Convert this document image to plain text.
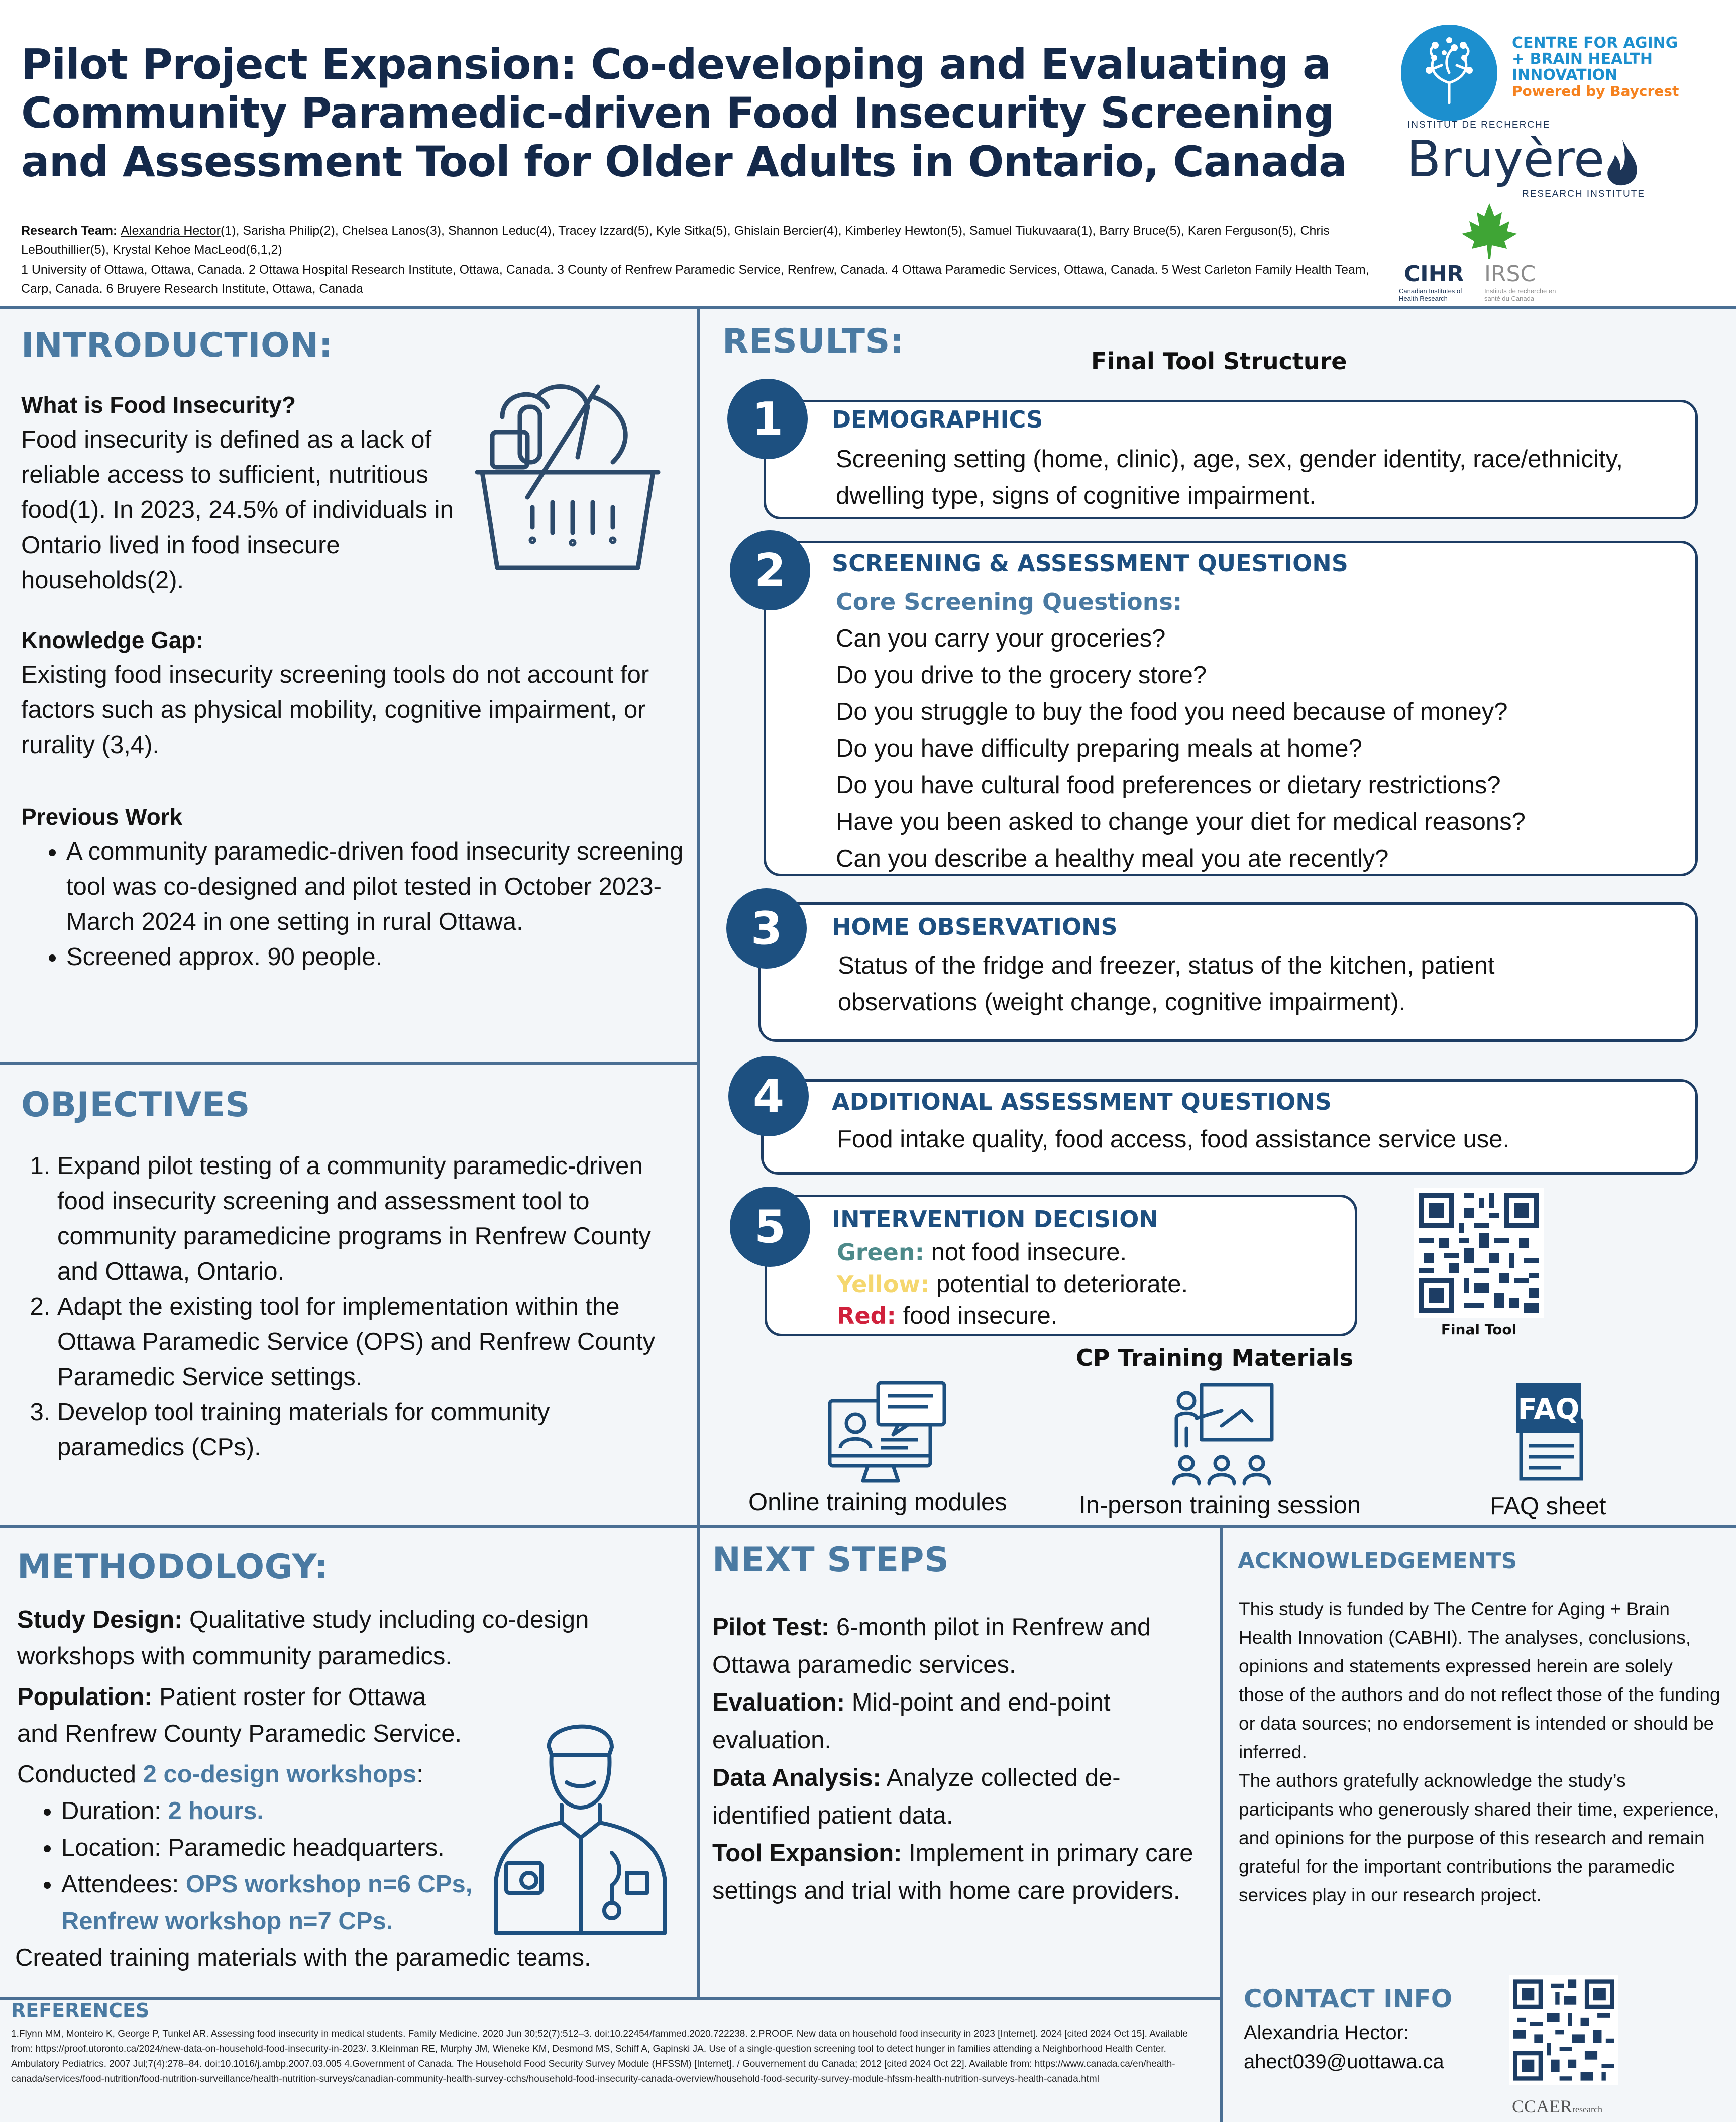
Pilot Project Expansion: Co-developing and Evaluating a Community Paramedic-driven Food Insecurity Screening and Assessment Tool for Older Adults in Ontario, Canada
Research Team: Alexandria Hector(1), Sarisha Philip(2), Chelsea Lanos(3), Shannon Leduc(4), Tracey Izzard(5), Kyle Sitka(5), Ghislain Bercier(4), Kimberley Hewton(5), Samuel Tiukuvaara(1), Barry Bruce(5), Karen Ferguson(5), Chris LeBouthillier(5), Krystal Kehoe MacLeod(6,1,2)
1 University of Ottawa, Ottawa, Canada. 2 Ottawa Hospital Research Institute, Ottawa, Canada. 3 County of Renfrew Paramedic Service, Renfrew, Canada. 4 Ottawa Paramedic Services, Ottawa, Canada. 5 West Carleton Family Health Team, Carp, Canada. 6 Bruyere Research Institute, Ottawa, Canada
CENTRE FOR AGING
+ BRAIN HEALTH
INNOVATION
Powered by Baycrest
INSTITUT DE RECHERCHE
Bruyère
RESEARCH INSTITUTE
CIHR IRSC
Canadian Institutes of Health Research
Instituts de recherche en santé du Canada
INTRODUCTION:
What is Food Insecurity?
Food insecurity is defined as a lack of reliable access to sufficient, nutritious food(1). In 2023, 24.5% of individuals in Ontario lived in food insecure households(2).
Knowledge Gap:
Existing food insecurity screening tools do not account for factors such as physical mobility, cognitive impairment, or rurality (3,4).
Previous Work
• A community paramedic-driven food insecurity screening tool was co-designed and pilot tested in October 2023-March 2024 in one setting in rural Ottawa.
• Screened approx. 90 people.
OBJECTIVES
1. Expand pilot testing of a community paramedic-driven food insecurity screening and assessment tool to community paramedicine programs in Renfrew County and Ottawa, Ontario.
2. Adapt the existing tool for implementation within the Ottawa Paramedic Service (OPS) and Renfrew County Paramedic Service settings.
3. Develop tool training materials for community paramedics (CPs).
RESULTS:	Final Tool Structure
1	DEMOGRAPHICS
Screening setting (home, clinic), age, sex, gender identity, race/ethnicity, dwelling type, signs of cognitive impairment.
2	SCREENING & ASSESSMENT QUESTIONS
Core Screening Questions:
Can you carry your groceries?
Do you drive to the grocery store?
Do you struggle to buy the food you need because of money?
Do you have difficulty preparing meals at home?
Do you have cultural food preferences or dietary restrictions?
Have you been asked to change your diet for medical reasons?
Can you describe a healthy meal you ate recently?
3	HOME OBSERVATIONS
Status of the fridge and freezer, status of the kitchen, patient observations (weight change, cognitive impairment).
4	ADDITIONAL ASSESSMENT QUESTIONS
Food intake quality, food access, food assistance service use.
5	INTERVENTION DECISION
Green: not food insecure.
Yellow: potential to deteriorate.
Red: food insecure.
Final Tool
CP Training Materials
Online training modules	In-person training session
FAQ
FAQ sheet
METHODOLOGY:
Study Design: Qualitative study including co-design workshops with community paramedics.
Population: Patient roster for Ottawa and Renfrew County Paramedic Service.
Conducted 2 co-design workshops:
• Duration: 2 hours.
• Location: Paramedic headquarters.
• Attendees: OPS workshop n=6 CPs,
Renfrew workshop n=7 CPs.
Created training materials with the paramedic teams.
NEXT STEPS
Pilot Test: 6-month pilot in Renfrew and Ottawa paramedic services.
Evaluation: Mid-point and end-point evaluation.
Data Analysis: Analyze collected de-identified patient data.
Tool Expansion: Implement in primary care settings and trial with home care providers.
ACKNOWLEDGEMENTS
This study is funded by The Centre for Aging + Brain Health Innovation (CABHI). The analyses, conclusions, opinions and statements expressed herein are solely those of the authors and do not reflect those of the funding or data sources; no endorsement is intended or should be inferred.
The authors gratefully acknowledge the study’s participants who generously shared their time, experience, and opinions for the purpose of this research and remain grateful for the important contributions the paramedic services play in our research project.
CONTACT INFO
Alexandria Hector:
ahect039@uottawa.ca
CCAERresearch
REFERENCES
1.Flynn MM, Monteiro K, George P, Tunkel AR. Assessing food insecurity in medical students. Family Medicine. 2020 Jun 30;52(7):512–3. doi:10.22454/fammed.2020.722238. 2.PROOF. New data on household food insecurity in 2023 [Internet]. 2024 [cited 2024 Oct 15]. Available from: https://proof.utoronto.ca/2024/new-data-on-household-food-insecurity-in-2023/. 3.Kleinman RE, Murphy JM, Wieneke KM, Desmond MS, Schiff A, Gapinski JA. Use of a single-question screening tool to detect hunger in families attending a Neighborhood Health Center. Ambulatory Pediatrics. 2007 Jul;7(4):278–84. doi:10.1016/j.ambp.2007.03.005 4.Government of Canada. The Household Food Security Survey Module (HFSSM) [Internet]. / Gouvernement du Canada; 2012 [cited 2024 Oct 22]. Available from: https://www.canada.ca/en/health-canada/services/food-nutrition/food-nutrition-surveillance/health-nutrition-surveys/canadian-community-health-survey-cchs/household-food-insecurity-canada-overview/household-food-security-survey-module-hfssm-health-nutrition-surveys-health-canada.html
